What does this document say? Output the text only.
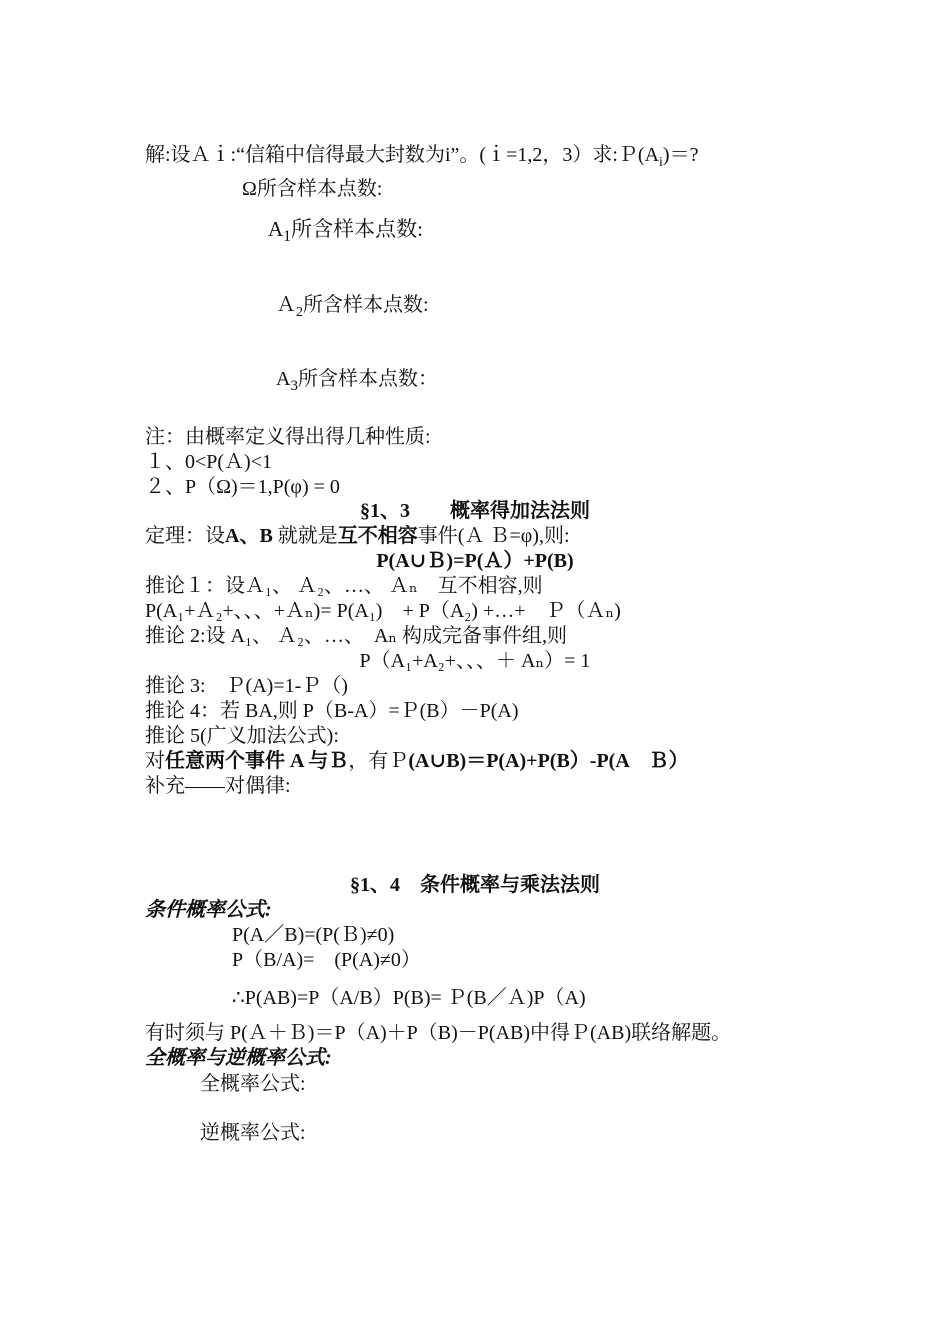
解:设Ａｉ:“信箱中信得最大封数为i”。(ｉ=1,2，3）求$:P(A_i)=$?
Ω所含样本点数:
$A_1$所含样本点数:
Ａ$_2$所含样本点数:
$A_3$所含样本点数：
注：由概率定义得出得几种性质:
１、0<P(Ａ)<1
２、P（Ω)＝1,P(φ) = 0
§1、3　　概率得加法法则
定理：设A、B 就就是互不相容事件(Ａ Ｂ=φ),则:
P(A∪Ｂ)=P(Ａ）+P(B)
推论１：设Ａ₁、 Ａ₂、…、 Ａₙ　互不相容,则
P(A₁+Ａ₂+、、、+Ａₙ)= P(A₁)　+ P（A₂) +…+　Ｐ（Ａₙ)
推论 2:设 A₁、 Ａ₂、…、　Aₙ 构成完备事件组,则
P（A₁+A₂+、、、＋ Aₙ）= 1
推论 3:　Ｐ(A)=1-Ｐ（)
推论 4：若 BA,则 P（B-A）=Ｐ(B）－P(A)
推论 5(广义加法公式):
对任意两个事件 A 与Ｂ，有Ｐ(A∪B)＝P(A)+P(B）-P(A　Ｂ）
补充——对偶律:
§1、4　条件概率与乘法法则
条件概率公式:
P(A／B)=(P(Ｂ)≠0)
P（B/A)=　(P(A)≠0）
∴P(AB)=P（A/B）P(B)= Ｐ(B／Ａ)P（A)
有时须与 P(Ａ＋Ｂ)＝P（A)＋P（B)－P(AB)中得Ｐ(AB)联络解题。
全概率与逆概率公式:
全概率公式:
逆概率公式:
